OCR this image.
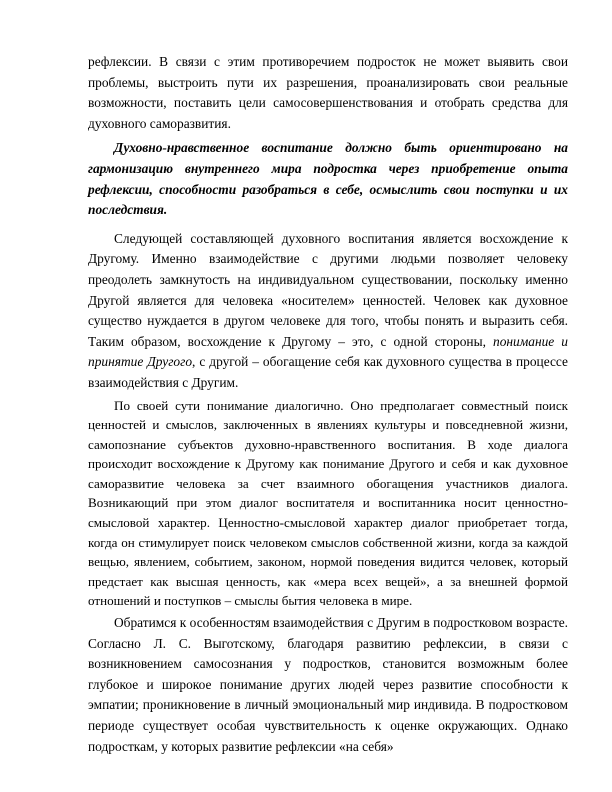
рефлексии. В связи с этим противоречием подросток не может выявить свои проблемы, выстроить пути их разрешения, проанализировать свои реальные возможности, поставить цели самосовершенствования и отобрать средства для духовного саморазвития.

Духовно-нравственное воспитание должно быть ориентировано на гармонизацию внутреннего мира подростка через приобретение опыта рефлексии, способности разобраться в себе, осмыслить свои поступки и их последствия.

Следующей составляющей духовного воспитания является восхождение к Другому. Именно взаимодействие с другими людьми позволяет человеку преодолеть замкнутость на индивидуальном существовании, поскольку именно Другой является для человека «носителем» ценностей. Человек как духовное существо нуждается в другом человеке для того, чтобы понять и выразить себя. Таким образом, восхождение к Другому – это, с одной стороны, понимание и принятие Другого, с другой – обогащение себя как духовного существа в процессе взаимодействия с Другим.

По своей сути понимание диалогично. Оно предполагает совместный поиск ценностей и смыслов, заключенных в явлениях культуры и повседневной жизни, самопознание субъектов духовно-нравственного воспитания. В ходе диалога происходит восхождение к Другому как понимание Другого и себя и как духовное саморазвитие человека за счет взаимного обогащения участников диалога. Возникающий при этом диалог воспитателя и воспитанника носит ценностно-смысловой характер. Ценностно-смысловой характер диалог приобретает тогда, когда он стимулирует поиск человеком смыслов собственной жизни, когда за каждой вещью, явлением, событием, законом, нормой поведения видится человек, который предстает как высшая ценность, как «мера всех вещей», а за внешней формой отношений и поступков – смыслы бытия человека в мире.

Обратимся к особенностям взаимодействия с Другим в подростковом возрасте. Согласно Л. С. Выготскому, благодаря развитию рефлексии, в связи с возникновением самосознания у подростков, становится возможным более глубокое и широкое понимание других людей через развитие способности к эмпатии; проникновение в личный эмоциональный мир индивида. В подростковом периоде существует особая чувствительность к оценке окружающих. Однако подросткам, у которых развитие рефлексии «на себя»
